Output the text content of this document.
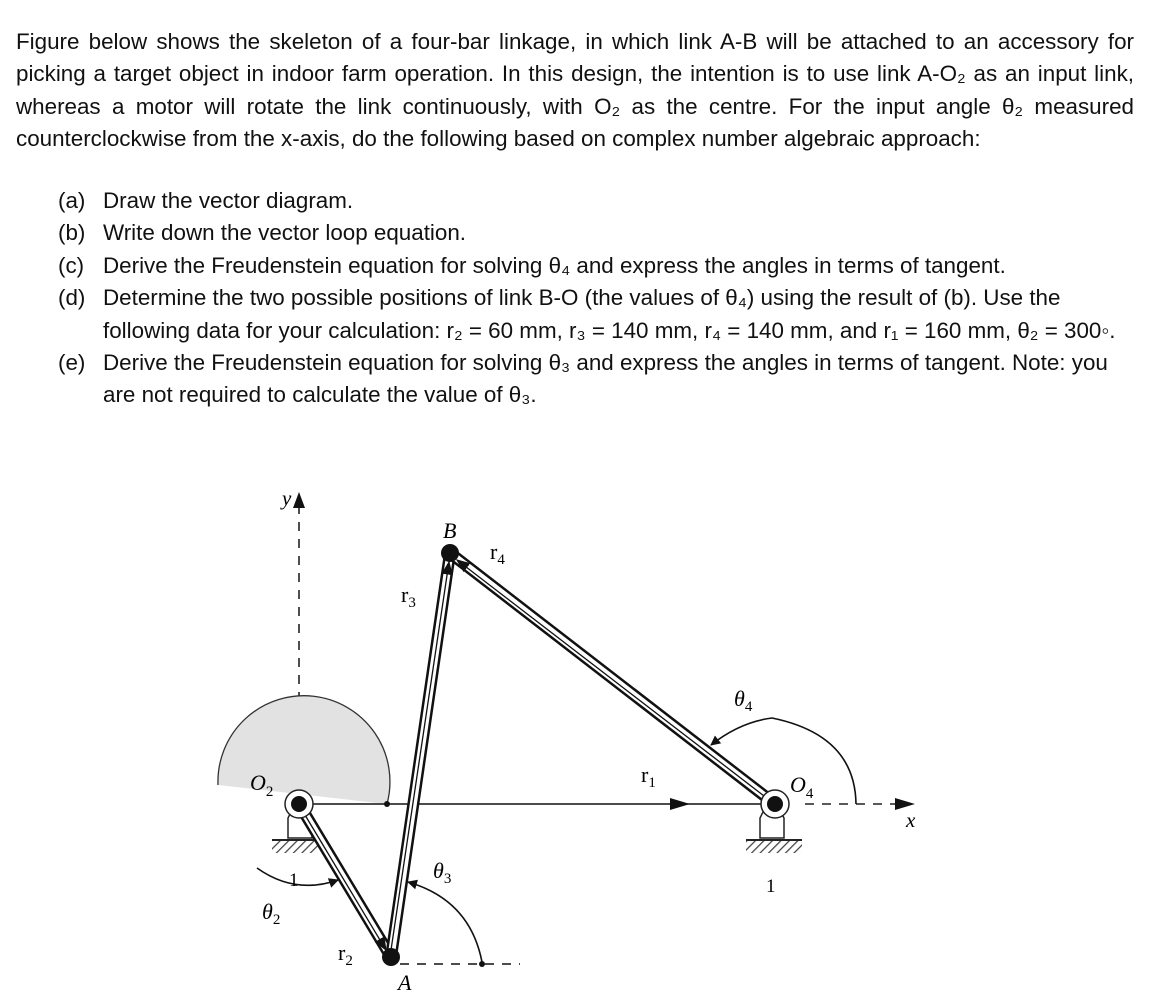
Figure below shows the skeleton of a four-bar linkage, in which link A-B will be attached to an accessory for picking a target object in indoor farm operation. In this design, the intention is to use link A-O₂ as an input link, whereas a motor will rotate the link continuously, with O₂ as the centre. For the input angle θ₂ measured counterclockwise from the x-axis, do the following based on complex number algebraic approach:

(a) Draw the vector diagram.
(b) Write down the vector loop equation.
(c) Derive the Freudenstein equation for solving θ₄ and express the angles in terms of tangent.
(d) Determine the two possible positions of link B-O (the values of θ₄) using the result of (b). Use the following data for your calculation: r₂ = 60 mm, r₃ = 140 mm, r₄ = 140 mm, and r₁ = 160 mm, θ₂ = 300◦.
(e) Derive the Freudenstein equation for solving θ₃ and express the angles in terms of tangent. Note: you are not required to calculate the value of θ₃.
y
x
B
A
$O_2$	$O_4$
$r_1$
$r_2$
$r_3$
$r_4$
$\theta_2$
$\theta_3$
$\theta_4$
1	1
